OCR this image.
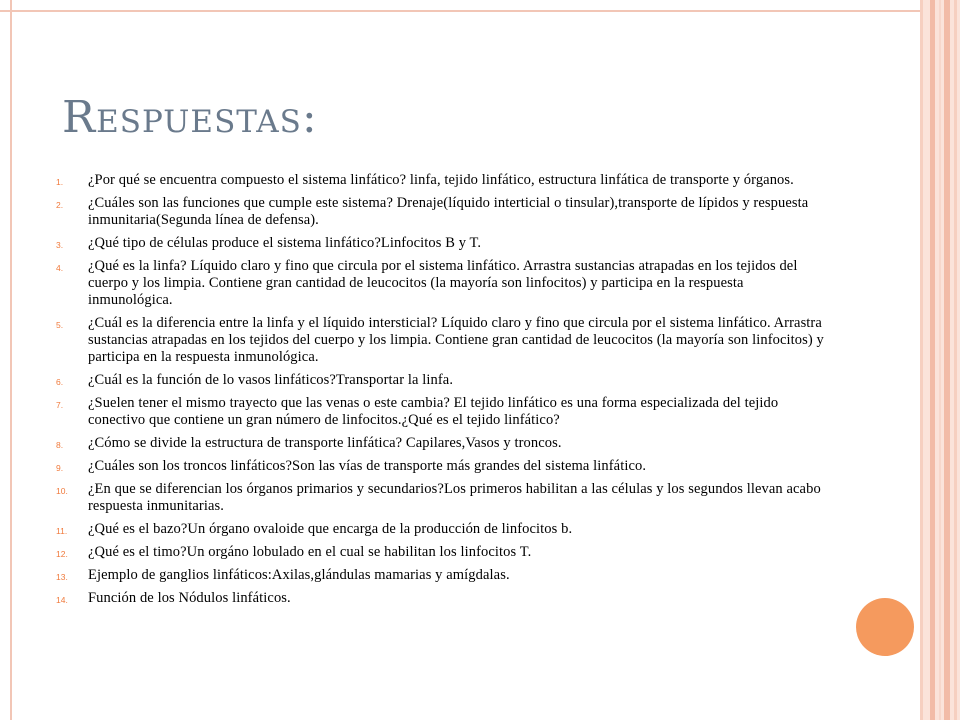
Respuestas:
1. ¿Por qué se encuentra compuesto el sistema linfático? linfa, tejido linfático, estructura linfática de transporte y órganos.
2. ¿Cuáles son las funciones que cumple este sistema? Drenaje(líquido interticial o tinsular),transporte de lípidos y respuesta inmunitaria(Segunda línea de defensa).
3. ¿Qué tipo de células produce el sistema linfático?Linfocitos B y T.
4. ¿Qué es la linfa? Líquido claro y fino que circula por el sistema linfático. Arrastra sustancias atrapadas en los tejidos del cuerpo y los limpia. Contiene gran cantidad de leucocitos (la mayoría son linfocitos) y participa en la respuesta inmunológica.
5. ¿Cuál es la diferencia entre la linfa y el líquido intersticial? Líquido claro y fino que circula por el sistema linfático. Arrastra sustancias atrapadas en los tejidos del cuerpo y los limpia. Contiene gran cantidad de leucocitos (la mayoría son linfocitos) y participa en la respuesta inmunológica.
6. ¿Cuál es la función de lo vasos linfáticos?Transportar la linfa.
7. ¿Suelen tener el mismo trayecto que las venas o este cambia? El tejido linfático es una forma especializada del tejido conectivo que contiene un gran número de linfocitos.¿Qué es el tejido linfático?
8. ¿Cómo se divide la estructura de transporte linfática? Capilares,Vasos y troncos.
9. ¿Cuáles son los troncos linfáticos?Son las vías de transporte más grandes del sistema linfático.
10. ¿En que se diferencian los órganos primarios y secundarios?Los primeros habilitan a las células y los segundos llevan acabo respuesta inmunitarias.
11. ¿Qué es el bazo?Un órgano ovaloide que encarga de la producción de linfocitos b.
12. ¿Qué es el timo?Un orgáno lobulado en el cual se habilitan los linfocitos T.
13. Ejemplo de ganglios linfáticos:Axilas,glándulas mamarias y amígdalas.
14. Función de los Nódulos linfáticos.
